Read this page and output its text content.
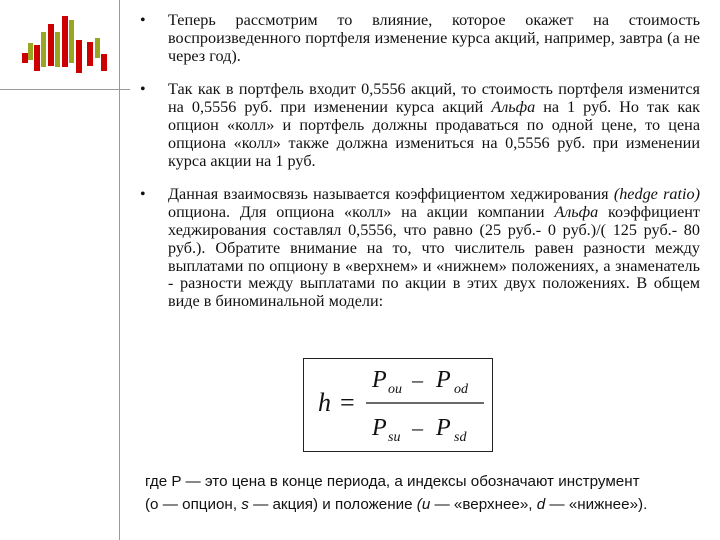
• Теперь рассмотрим то влияние, которое окажет на стоимость воспроизведенного портфеля изменение курса акций, например, завтра (а не через год).
• Так как в портфель входит 0,5556 акций, то стоимость портфеля изменится на 0,5556 руб. при изменении курса акций Альфа на 1 руб. Но так как опцион «колл» и портфель должны продаваться по одной цене, то цена опциона «колл» также должна измениться на 0,5556 руб. при изменении курса акции на 1 руб.
• Данная взаимосвязь называется коэффициентом хеджирования (hedge ratio) опциона. Для опциона «колл» на акции компании Альфа коэффициент хеджирования составлял 0,5556, что равно (25 руб.- 0 руб.)/( 125 руб.- 80 руб.). Обратите внимание на то, что числитель равен разности между выплатами по опциону в «верхнем» и «нижнем» положениях, а знаменатель - разности между выплатами по акции в этих двух положениях. В общем виде в биноминальной модели:
h =
P ou – P od
P su – P sd
где P — это цена в конце периода, а индексы обозначают инструмент
(о — опцион, s — акция) и положение (u — «верхнее», d — «нижнее»).
